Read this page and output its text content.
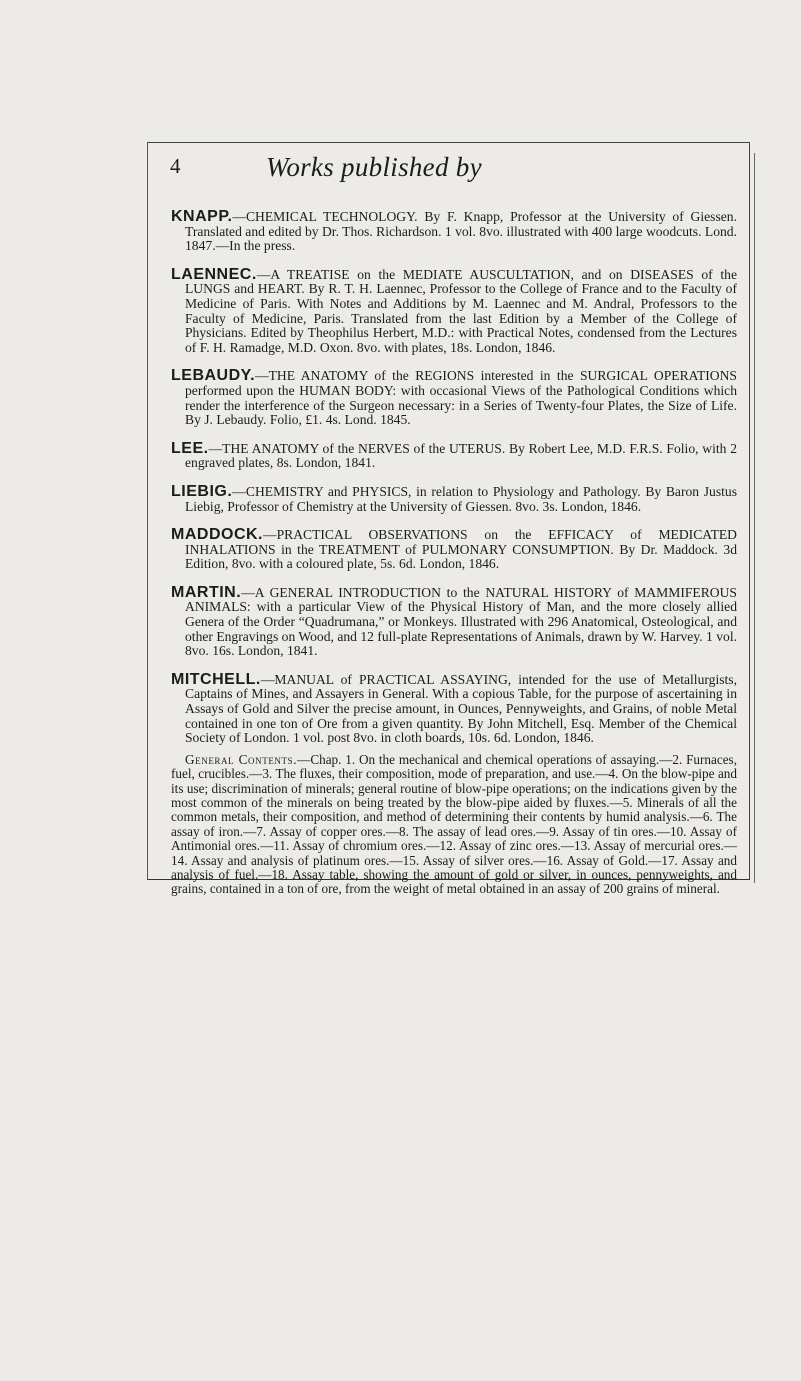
4	Works published by

KNAPP.—CHEMICAL TECHNOLOGY. By F. Knapp, Professor at the University of Giessen. Translated and edited by Dr. Thos. Richardson. 1 vol. 8vo. illustrated with 400 large woodcuts. Lond. 1847.—In the press.

LAENNEC.—A TREATISE on the MEDIATE AUSCULTATION, and on DISEASES of the LUNGS and HEART. By R. T. H. Laennec, Professor to the College of France and to the Faculty of Medicine of Paris. With Notes and Additions by M. Laennec and M. Andral, Professors to the Faculty of Medicine, Paris. Translated from the last Edition by a Member of the College of Physicians. Edited by Theophilus Herbert, M.D.: with Practical Notes, condensed from the Lectures of F. H. Ramadge, M.D. Oxon. 8vo. with plates, 18s. London, 1846.

LEBAUDY.—THE ANATOMY of the REGIONS interested in the SURGICAL OPERATIONS performed upon the HUMAN BODY: with occasional Views of the Pathological Conditions which render the interference of the Surgeon necessary: in a Series of Twenty-four Plates, the Size of Life. By J. Lebaudy. Folio, £1. 4s. Lond. 1845.

LEE.—THE ANATOMY of the NERVES of the UTERUS. By Robert Lee, M.D. F.R.S. Folio, with 2 engraved plates, 8s. London, 1841.

LIEBIG.—CHEMISTRY and PHYSICS, in relation to Physiology and Pathology. By Baron Justus Liebig, Professor of Chemistry at the University of Giessen. 8vo. 3s. London, 1846.

MADDOCK.—PRACTICAL OBSERVATIONS on the EFFICACY of MEDICATED INHALATIONS in the TREATMENT of PULMONARY CONSUMPTION. By Dr. Maddock. 3d Edition, 8vo. with a coloured plate, 5s. 6d. London, 1846.

MARTIN.—A GENERAL INTRODUCTION to the NATURAL HISTORY of MAMMIFEROUS ANIMALS: with a particular View of the Physical History of Man, and the more closely allied Genera of the Order “Quadrumana,” or Monkeys. Illustrated with 296 Anatomical, Osteological, and other Engravings on Wood, and 12 full-plate Representations of Animals, drawn by W. Harvey. 1 vol. 8vo. 16s. London, 1841.

MITCHELL.—MANUAL of PRACTICAL ASSAYING, intended for the use of Metallurgists, Captains of Mines, and Assayers in General. With a copious Table, for the purpose of ascertaining in Assays of Gold and Silver the precise amount, in Ounces, Pennyweights, and Grains, of noble Metal contained in one ton of Ore from a given quantity. By John Mitchell, Esq. Member of the Chemical Society of London. 1 vol. post 8vo. in cloth boards, 10s. 6d. London, 1846.

General Contents.—Chap. 1. On the mechanical and chemical operations of assaying.—2. Furnaces, fuel, crucibles.—3. The fluxes, their composition, mode of preparation, and use.—4. On the blow-pipe and its use; discrimination of minerals; general routine of blow-pipe operations; on the indications given by the most common of the minerals on being treated by the blow-pipe aided by fluxes.—5. Minerals of all the common metals, their composition, and method of determining their contents by humid analysis.—6. The assay of iron.—7. Assay of copper ores.—8. The assay of lead ores.—9. Assay of tin ores.—10. Assay of Antimonial ores.—11. Assay of chromium ores.—12. Assay of zinc ores.—13. Assay of mercurial ores.—14. Assay and analysis of platinum ores.—15. Assay of silver ores.—16. Assay of Gold.—17. Assay and analysis of fuel.—18. Assay table, showing the amount of gold or silver, in ounces, pennyweights, and grains, contained in a ton of ore, from the weight of metal obtained in an assay of 200 grains of mineral.
